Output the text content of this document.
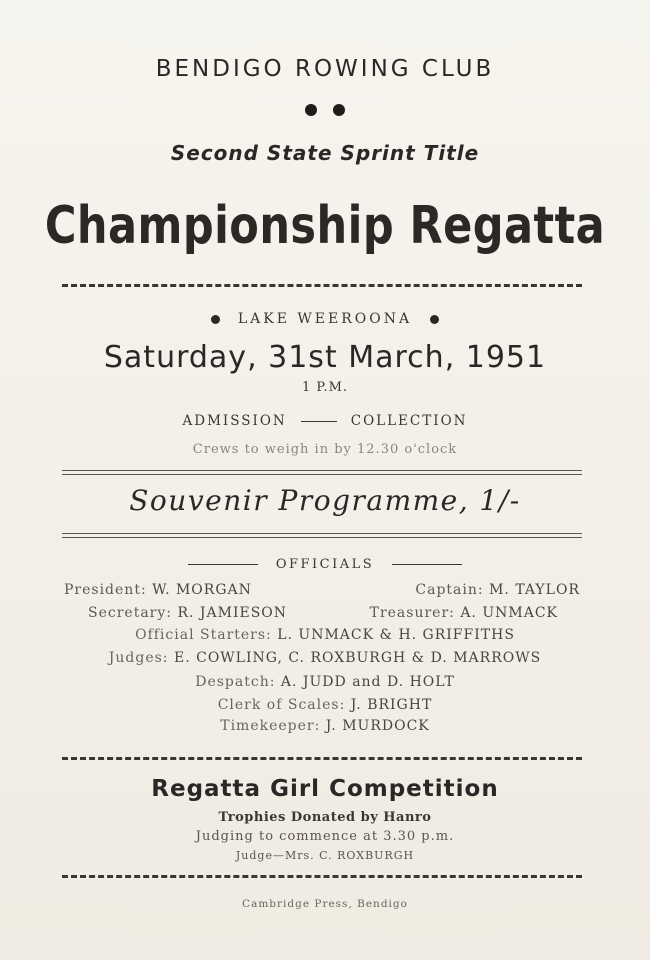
BENDIGO ROWING CLUB
Second State Sprint Title
Championship Regatta
LAKE WEEROONA
Saturday, 31st March, 1951
1 P.M.
ADMISSION	COLLECTION
Crews to weigh in by 12.30 o'clock
Souvenir Programme, 1/-
OFFICIALS
President: W. MORGAN	Captain: M. TAYLOR
Secretary: R. JAMIESON	Treasurer: A. UNMACK
Official Starters: L. UNMACK & H. GRIFFITHS
Judges: E. COWLING, C. ROXBURGH & D. MARROWS
Despatch: A. JUDD and D. HOLT
Clerk of Scales: J. BRIGHT
Timekeeper: J. MURDOCK
Regatta Girl Competition
Trophies Donated by Hanro
Judging to commence at 3.30 p.m.
Judge—Mrs. C. ROXBURGH
Cambridge Press, Bendigo
